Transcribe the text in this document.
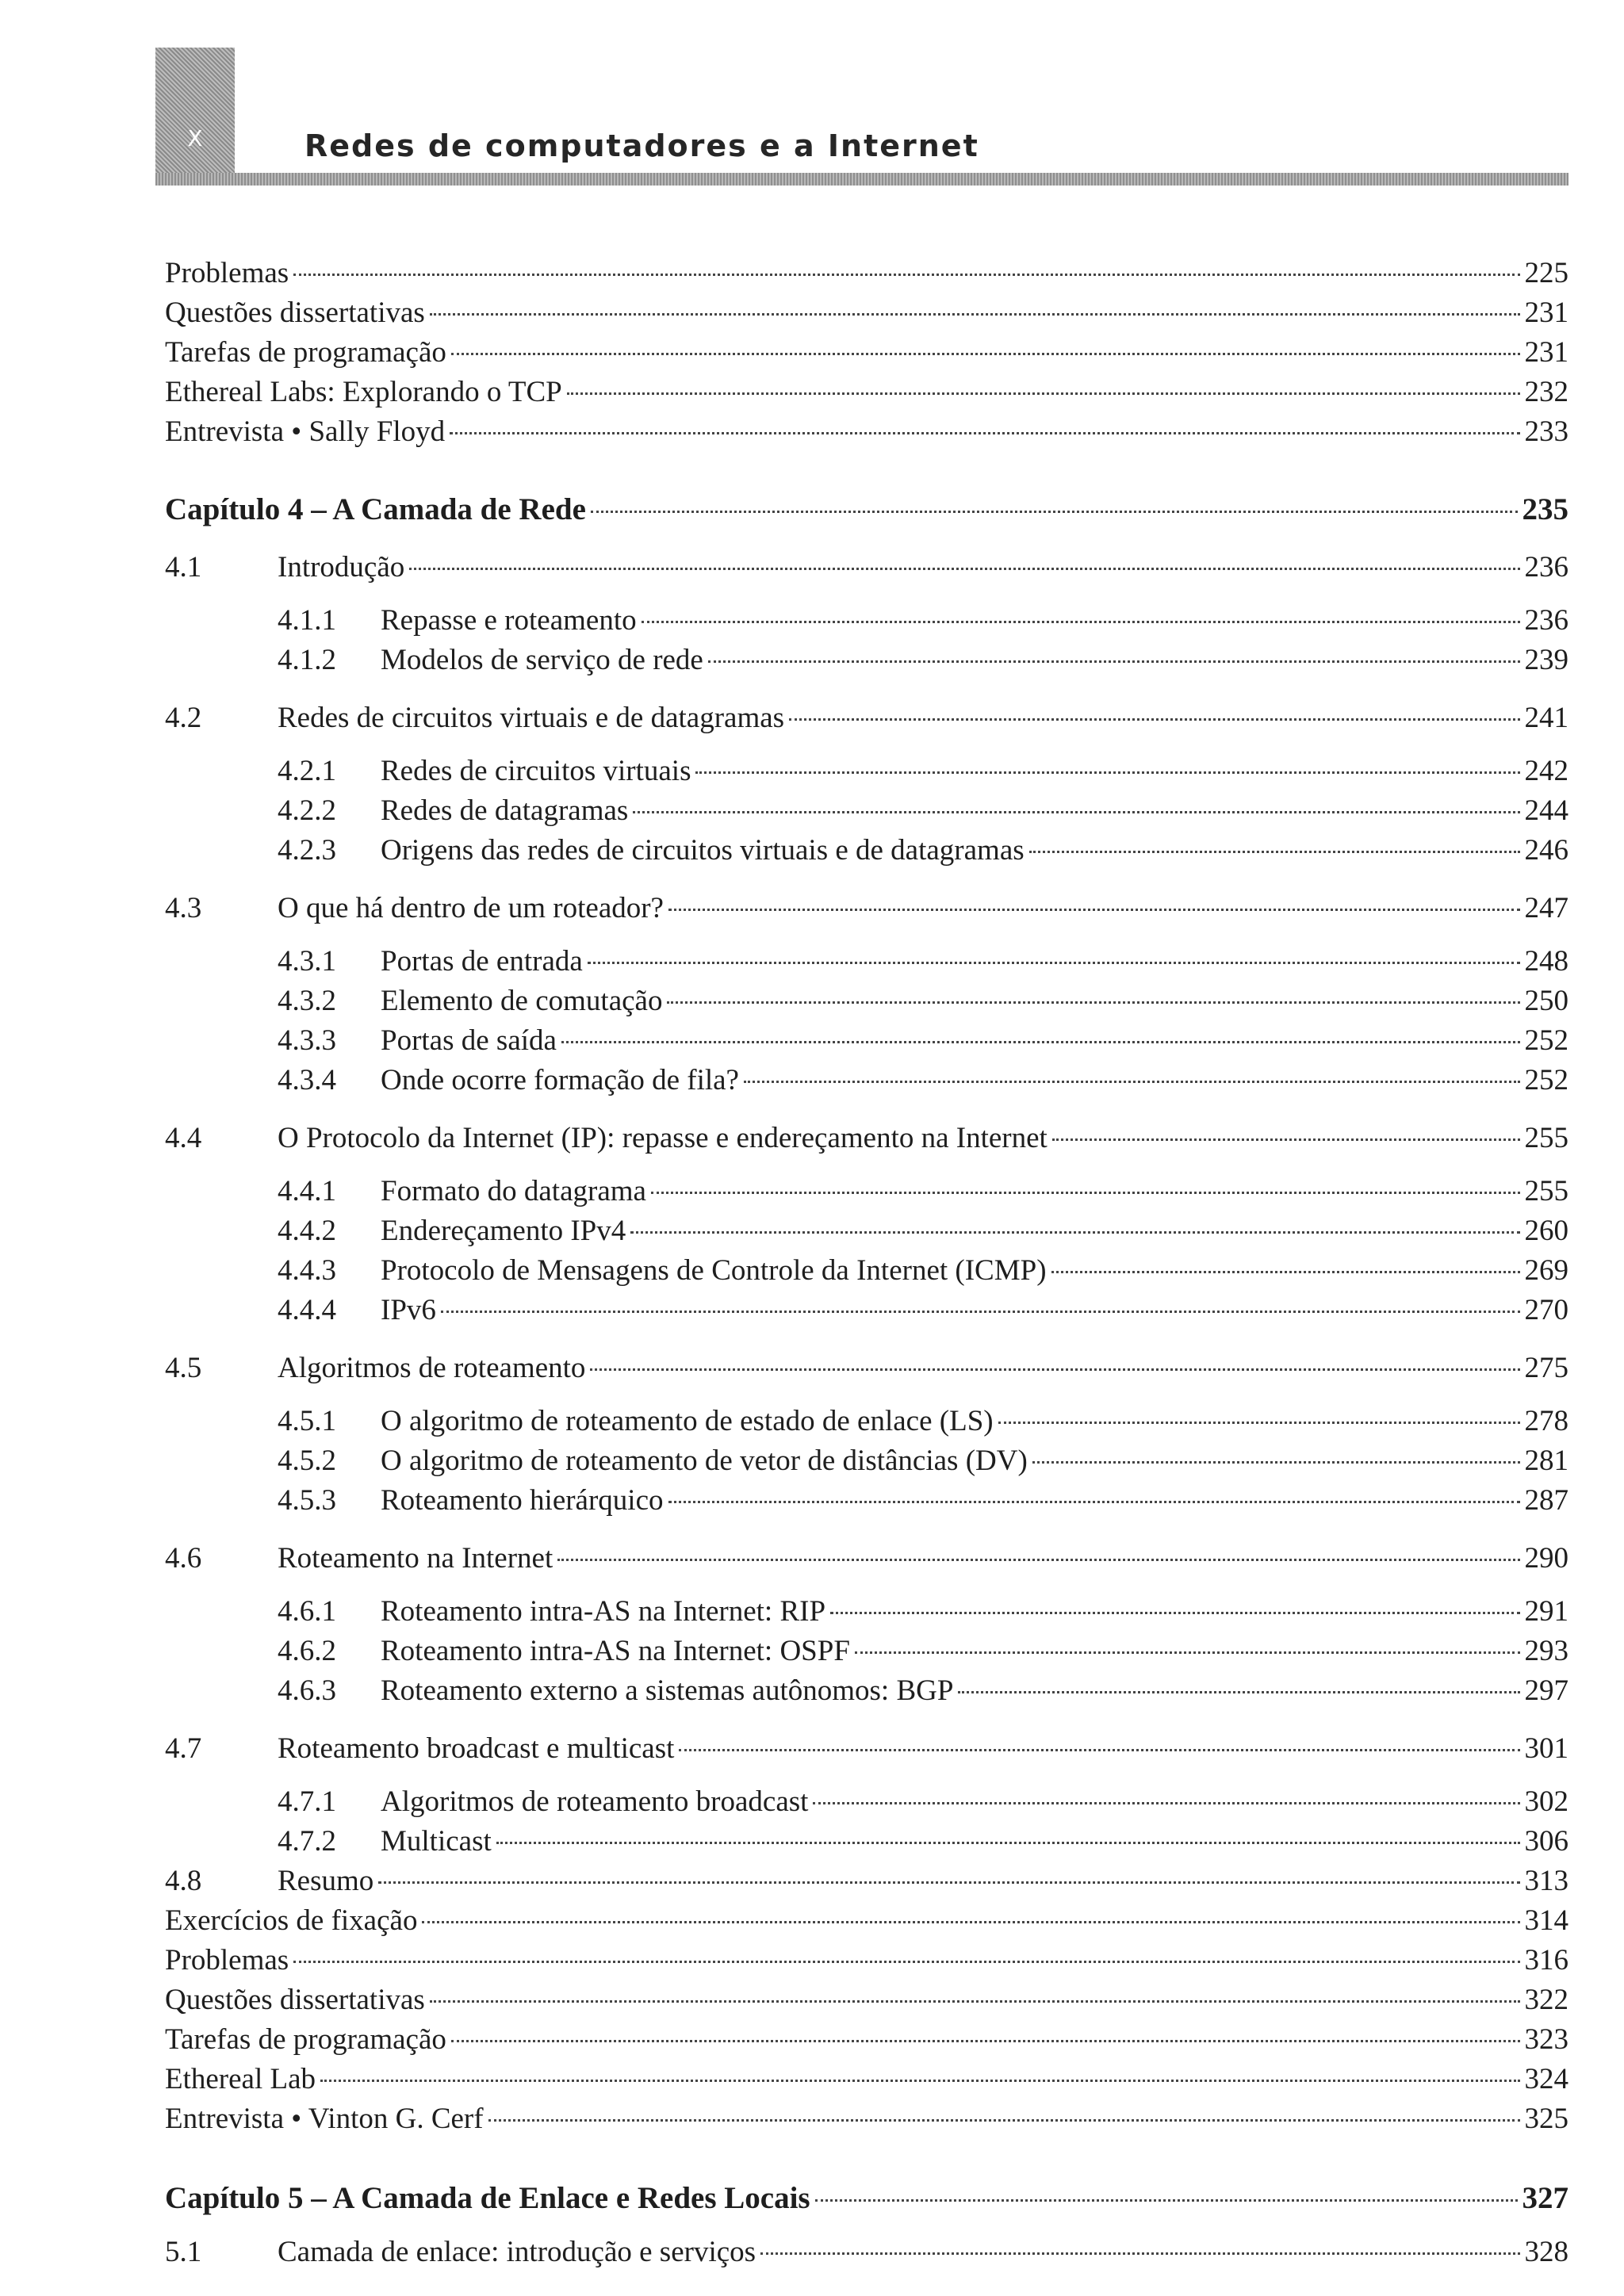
X	Redes de computadores e a Internet
Problemas	225
Questões dissertativas	231
Tarefas de programação	231
Ethereal Labs: Explorando o TCP	232
Entrevista • Sally Floyd	233
Capítulo 4 – A Camada de Rede	235
4.1	Introdução	236
4.1.1 Repasse e roteamento	236
4.1.2 Modelos de serviço de rede	239
4.2	Redes de circuitos virtuais e de datagramas	241
4.2.1 Redes de circuitos virtuais	242
4.2.2 Redes de datagramas	244
4.2.3 Origens das redes de circuitos virtuais e de datagramas	246
4.3	O que há dentro de um roteador?	247
4.3.1 Portas de entrada	248
4.3.2 Elemento de comutação	250
4.3.3 Portas de saída	252
4.3.4 Onde ocorre formação de fila?	252
4.4	O Protocolo da Internet (IP): repasse e endereçamento na Internet	255
4.4.1 Formato do datagrama	255
4.4.2 Endereçamento IPv4	260
4.4.3 Protocolo de Mensagens de Controle da Internet (ICMP)	269
4.4.4 IPv6	270
4.5	Algoritmos de roteamento	275
4.5.1 O algoritmo de roteamento de estado de enlace (LS)	278
4.5.2 O algoritmo de roteamento de vetor de distâncias (DV)	281
4.5.3 Roteamento hierárquico	287
4.6	Roteamento na Internet	290
4.6.1 Roteamento intra-AS na Internet: RIP	291
4.6.2 Roteamento intra-AS na Internet: OSPF	293
4.6.3 Roteamento externo a sistemas autônomos: BGP	297
4.7	Roteamento broadcast e multicast	301
4.7.1 Algoritmos de roteamento broadcast	302
4.7.2 Multicast	306
4.8	Resumo	313
Exercícios de fixação	314
Problemas	316
Questões dissertativas	322
Tarefas de programação	323
Ethereal Lab	324
Entrevista • Vinton G. Cerf	325
Capítulo 5 – A Camada de Enlace e Redes Locais	327
5.1	Camada de enlace: introdução e serviços	328
